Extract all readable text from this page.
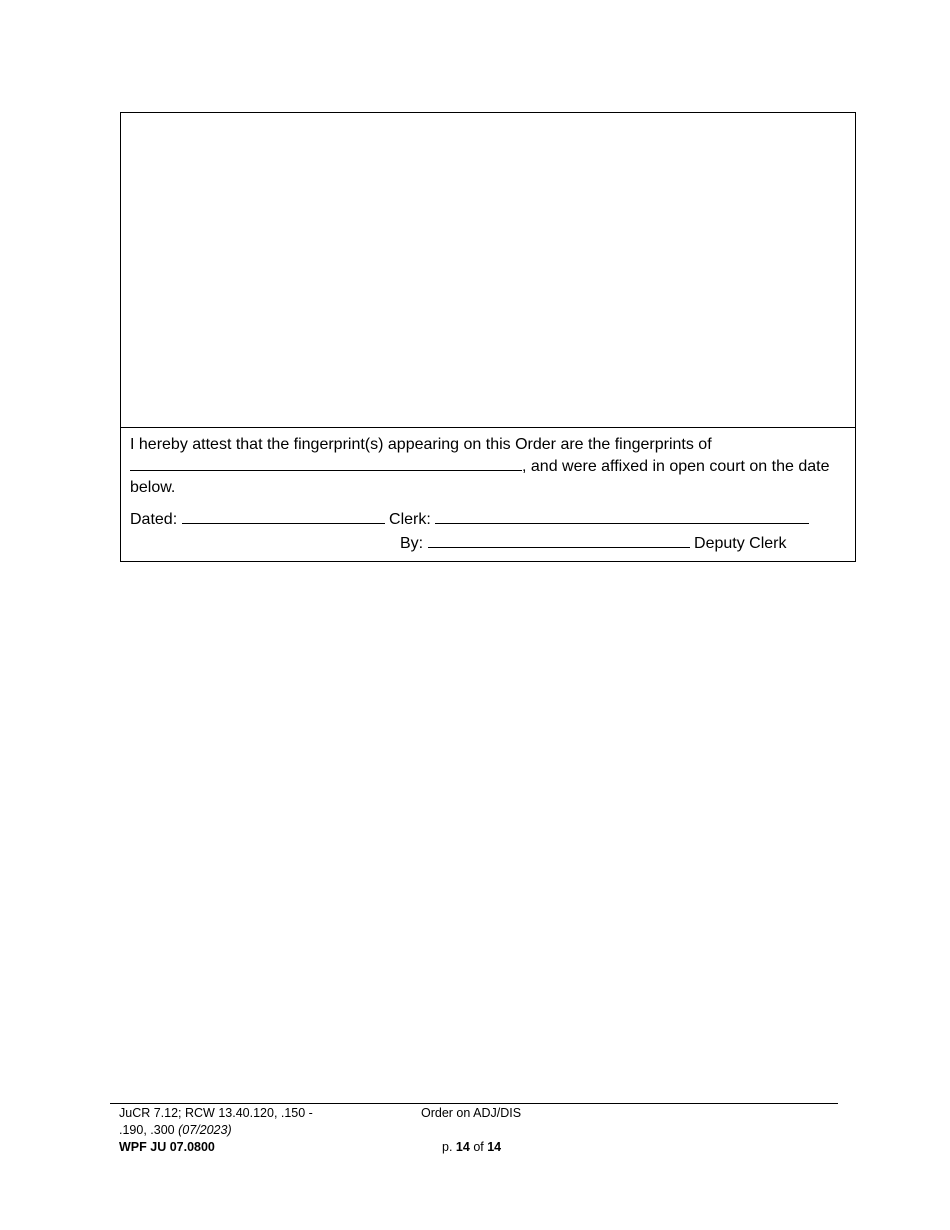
I hereby attest that the fingerprint(s) appearing on this Order are the fingerprints of
, and were affixed in open court on the date
below.
Dated:	Clerk:
By:	Deputy Clerk
JuCR 7.12; RCW 13.40.120, .150 -
.190, .300 (07/2023)
WPF JU 07.0800
Order on ADJ/DIS
p. 14 of 14
